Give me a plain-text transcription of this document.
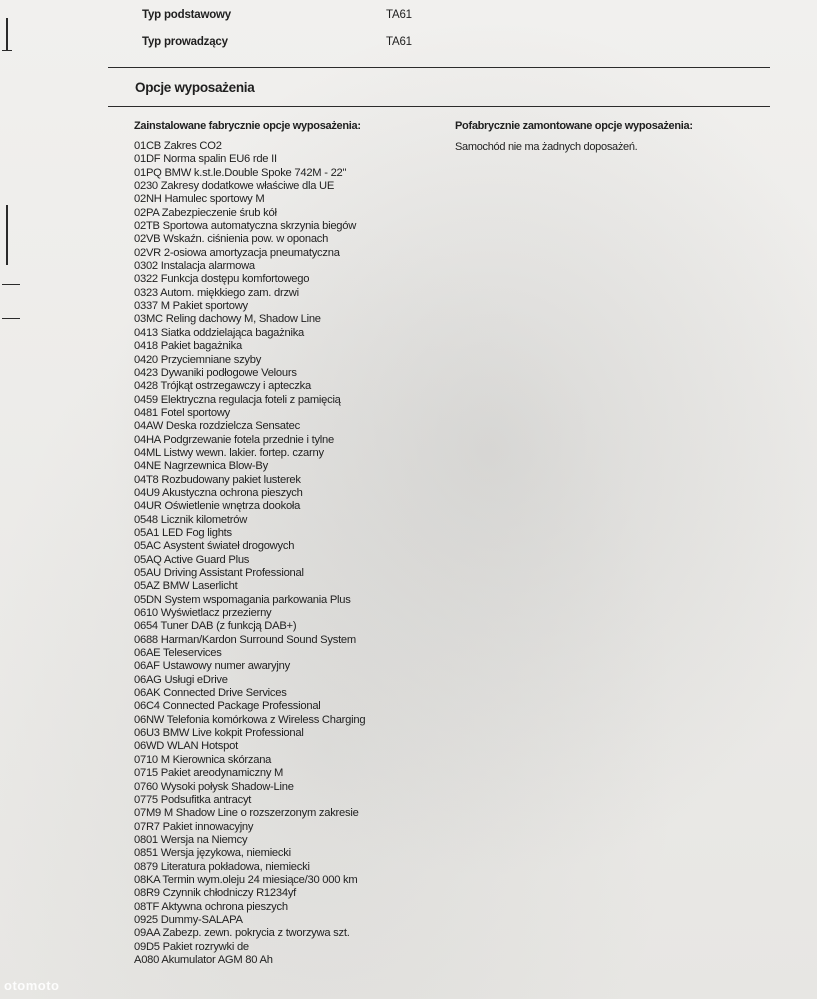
Typ podstawowy	TA61
Typ prowadzący	TA61
Opcje wyposażenia
Zainstalowane fabrycznie opcje wyposażenia:	Pofabrycznie zamontowane opcje wyposażenia:
Samochód nie ma żadnych doposażeń.
01CB Zakres CO2
01DF Norma spalin EU6 rde II
01PQ BMW k.st.le.Double Spoke 742M - 22"
0230 Zakresy dodatkowe właściwe dla UE
02NH Hamulec sportowy M
02PA Zabezpieczenie śrub kół
02TB Sportowa automatyczna skrzynia biegów
02VB Wskaźn. ciśnienia pow. w oponach
02VR 2-osiowa amortyzacja pneumatyczna
0302 Instalacja alarmowa
0322 Funkcja dostępu komfortowego
0323 Autom. miękkiego zam. drzwi
0337 M Pakiet sportowy
03MC Reling dachowy M, Shadow Line
0413 Siatka oddzielająca bagażnika
0418 Pakiet bagażnika
0420 Przyciemniane szyby
0423 Dywaniki podłogowe Velours
0428 Trójkąt ostrzegawczy i apteczka
0459 Elektryczna regulacja foteli z pamięcią
0481 Fotel sportowy
04AW Deska rozdzielcza Sensatec
04HA Podgrzewanie fotela przednie i tylne
04ML Listwy wewn. lakier. fortep. czarny
04NE Nagrzewnica Blow-By
04T8 Rozbudowany pakiet lusterek
04U9 Akustyczna ochrona pieszych
04UR Oświetlenie wnętrza dookoła
0548 Licznik kilometrów
05A1 LED Fog lights
05AC Asystent świateł drogowych
05AQ Active Guard Plus
05AU Driving Assistant Professional
05AZ BMW Laserlicht
05DN System wspomagania parkowania Plus
0610 Wyświetlacz przezierny
0654 Tuner DAB (z funkcją DAB+)
0688 Harman/Kardon Surround Sound System
06AE Teleservices
06AF Ustawowy numer awaryjny
06AG Usługi eDrive
06AK Connected Drive Services
06C4 Connected Package Professional
06NW Telefonia komórkowa z Wireless Charging
06U3 BMW Live kokpit Professional
06WD WLAN Hotspot
0710 M Kierownica skórzana
0715 Pakiet areodynamiczny M
0760 Wysoki połysk Shadow-Line
0775 Podsufitka antracyt
07M9 M Shadow Line o rozszerzonym zakresie
07R7 Pakiet innowacyjny
0801 Wersja na Niemcy
0851 Wersja językowa, niemiecki
0879 Literatura pokładowa, niemiecki
08KA Termin wym.oleju 24 miesiące/30 000 km
08R9 Czynnik chłodniczy R1234yf
08TF Aktywna ochrona pieszych
0925 Dummy-SALAPA
09AA Zabezp. zewn. pokrycia z tworzywa szt.
09D5 Pakiet rozrywki de
A080 Akumulator AGM 80 Ah
otomoto
